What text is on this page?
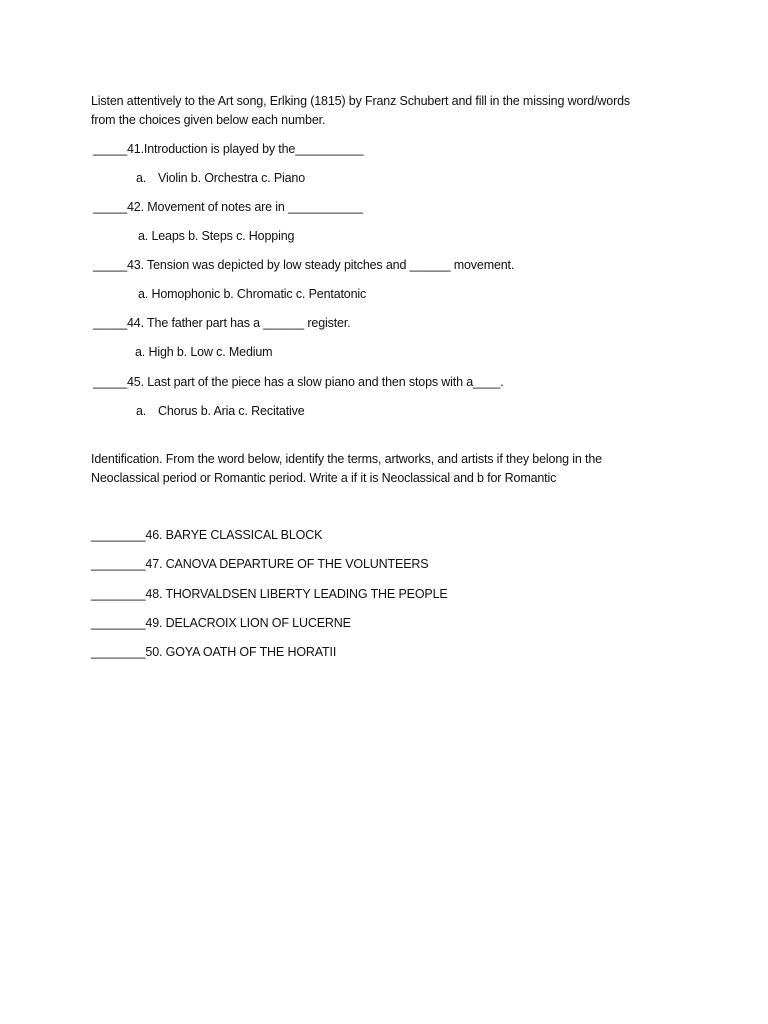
Listen attentively to the Art song, Erlking (1815) by Franz Schubert and fill in the missing word/words
from the choices given below each number.
_____41.Introduction is played by the__________
a. Violin b. Orchestra c. Piano
_____42. Movement of notes are in ___________
a. Leaps b. Steps c. Hopping
_____43. Tension was depicted by low steady pitches and ______ movement.
a. Homophonic b. Chromatic c. Pentatonic
_____44. The father part has a ______ register.
a. High b. Low c. Medium
_____45. Last part of the piece has a slow piano and then stops with a____.
a. Chorus b. Aria c. Recitative
Identification. From the word below, identify the terms, artworks, and artists if they belong in the
Neoclassical period or Romantic period. Write a if it is Neoclassical and b for Romantic
________46. BARYE CLASSICAL BLOCK
________47. CANOVA DEPARTURE OF THE VOLUNTEERS
________48. THORVALDSEN LIBERTY LEADING THE PEOPLE
________49. DELACROIX LION OF LUCERNE
________50. GOYA OATH OF THE HORATII
